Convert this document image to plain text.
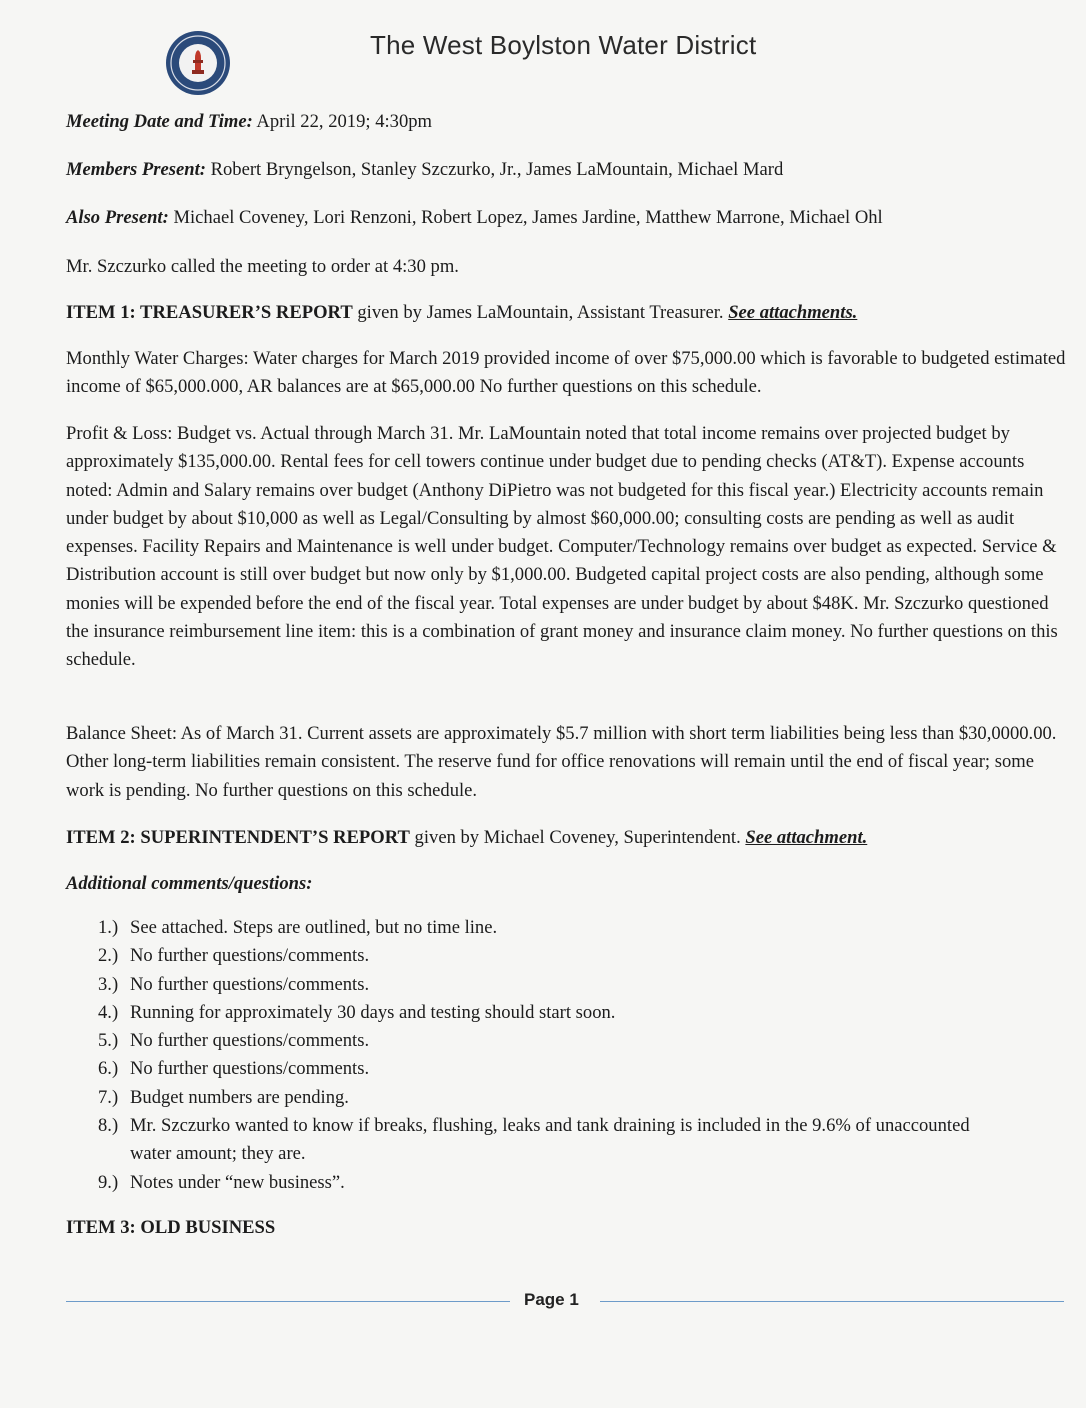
The West Boylston Water District

Meeting Date and Time: April 22, 2019; 4:30pm

Members Present: Robert Bryngelson, Stanley Szczurko, Jr., James LaMountain, Michael Mard

Also Present: Michael Coveney, Lori Renzoni, Robert Lopez, James Jardine, Matthew Marrone, Michael Ohl

Mr. Szczurko called the meeting to order at 4:30 pm.

ITEM 1: TREASURER’S REPORT given by James LaMountain, Assistant Treasurer. See attachments.

Monthly Water Charges: Water charges for March 2019 provided income of over $75,000.00 which is favorable to budgeted estimated income of $65,000.000, AR balances are at $65,000.00 No further questions on this schedule.

Profit & Loss: Budget vs. Actual through March 31. Mr. LaMountain noted that total income remains over projected budget by approximately $135,000.00. Rental fees for cell towers continue under budget due to pending checks (AT&T). Expense accounts noted: Admin and Salary remains over budget (Anthony DiPietro was not budgeted for this fiscal year.) Electricity accounts remain under budget by about $10,000 as well as Legal/Consulting by almost $60,000.00; consulting costs are pending as well as audit expenses. Facility Repairs and Maintenance is well under budget. Computer/Technology remains over budget as expected. Service & Distribution account is still over budget but now only by $1,000.00. Budgeted capital project costs are also pending, although some monies will be expended before the end of the fiscal year. Total expenses are under budget by about $48K. Mr. Szczurko questioned the insurance reimbursement line item: this is a combination of grant money and insurance claim money. No further questions on this schedule.

Balance Sheet: As of March 31. Current assets are approximately $5.7 million with short term liabilities being less than $30,0000.00. Other long-term liabilities remain consistent. The reserve fund for office renovations will remain until the end of fiscal year; some work is pending. No further questions on this schedule.

ITEM 2: SUPERINTENDENT’S REPORT given by Michael Coveney, Superintendent. See attachment.

Additional comments/questions:

1.) See attached. Steps are outlined, but no time line.
2.) No further questions/comments.
3.) No further questions/comments.
4.) Running for approximately 30 days and testing should start soon.
5.) No further questions/comments.
6.) No further questions/comments.
7.) Budget numbers are pending.
8.) Mr. Szczurko wanted to know if breaks, flushing, leaks and tank draining is included in the 9.6% of unaccounted water amount; they are.
9.) Notes under “new business”.

ITEM 3: OLD BUSINESS

Page 1
